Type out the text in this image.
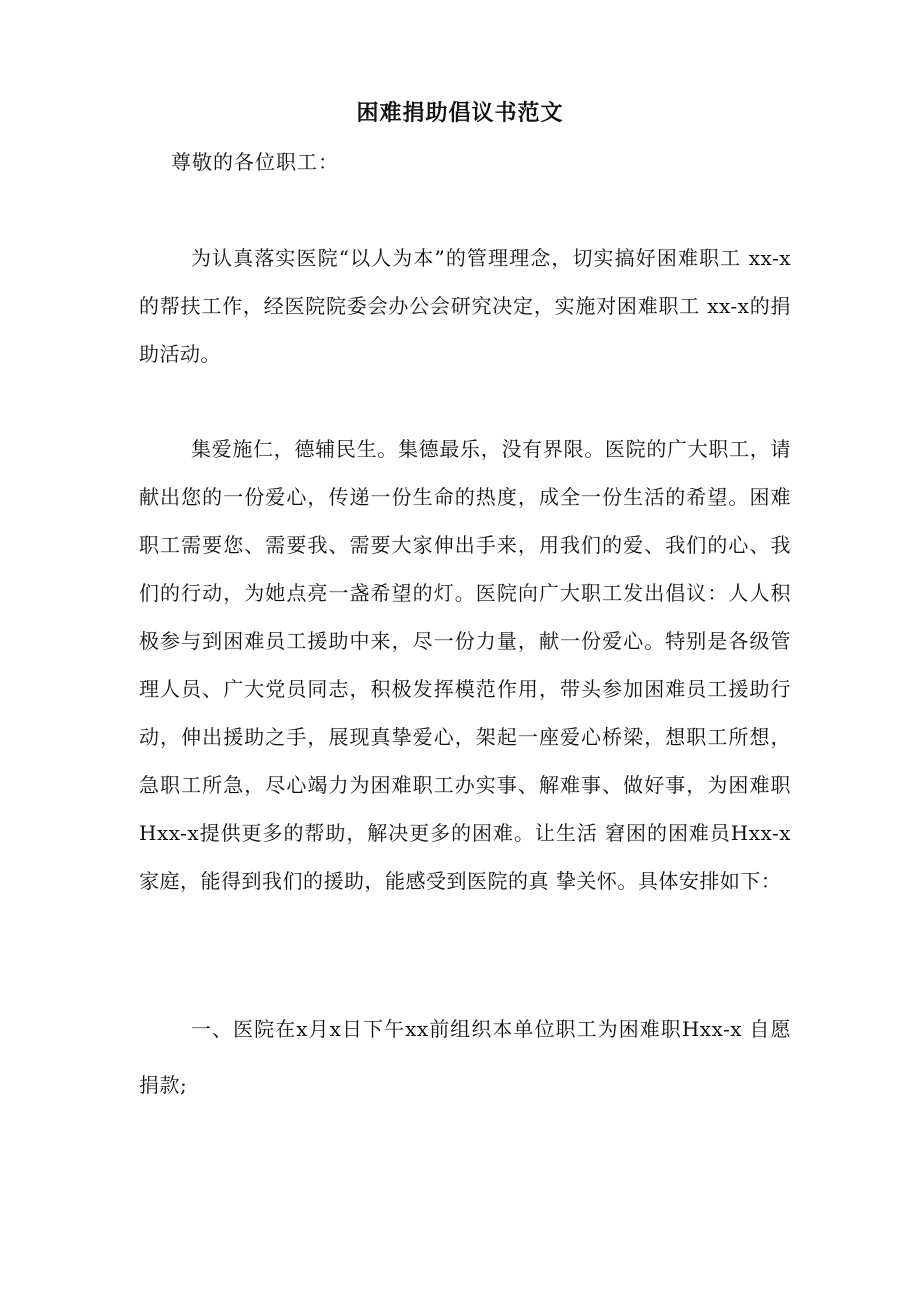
困难捐助倡议书范文
尊敬的各位职工：

为认真落实医院“以人为本”的管理理念，切实搞好困难职工 xx-x的帮扶工作，经医院院委会办公会研究决定，实施对困难职工 xx-x的捐助活动。

集爱施仁，德辅民生。集德最乐，没有界限。医院的广大职工，请献出您的一份爱心，传递一份生命的热度，成全一份生活的希望。困难职工需要您、需要我、需要大家伸出手来，用我们的爱、我们的心、我们的行动，为她点亮一盏希望的灯。医院向广大职工发出倡议：人人积极参与到困难员工援助中来，尽一份力量，献一份爱心。特别是各级管理人员、广大党员同志，积极发挥模范作用，带头参加困难员工援助行动，伸出援助之手，展现真挚爱心，架起一座爱心桥梁，想职工所想，急职工所急，尽心竭力为困难职工办实事、解难事、做好事，为困难职Hxx-x提供更多的帮助，解决更多的困难。让生活 窘困的困难员Hxx-x家庭，能得到我们的援助，能感受到医院的真 挚关怀。具体安排如下：

一、医院在x月x日下午xx前组织本单位职工为困难职Hxx-x 自愿捐款;
